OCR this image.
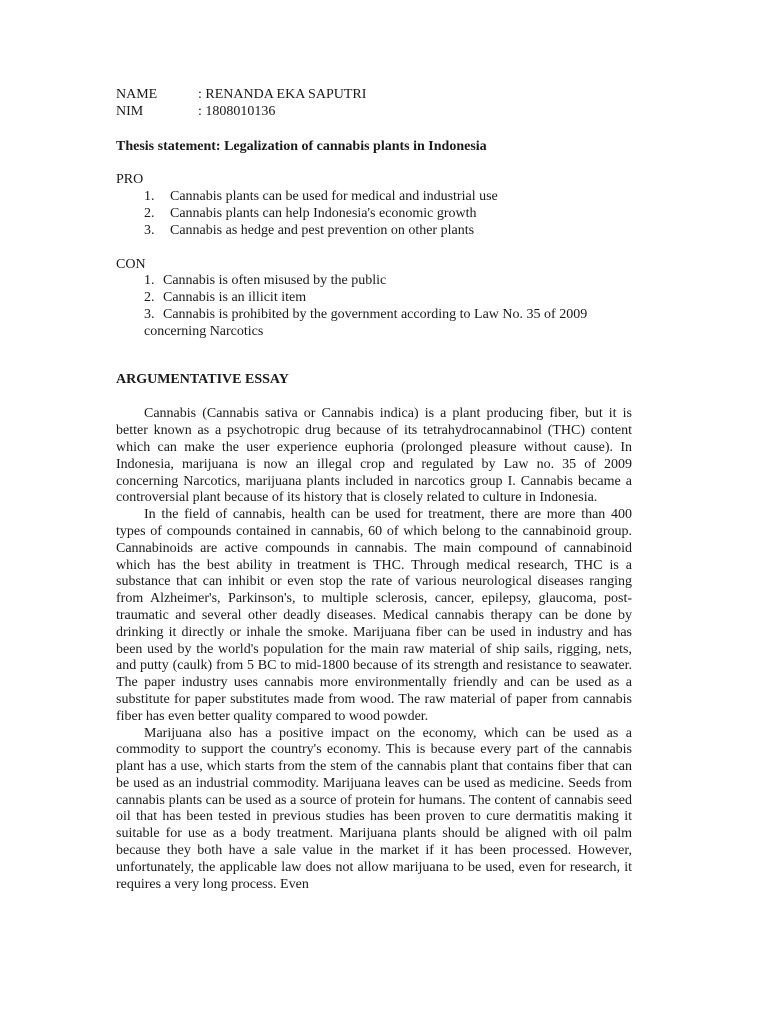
NAME	: RENANDA EKA SAPUTRI
NIM	: 1808010136
Thesis statement: Legalization of cannabis plants in Indonesia
PRO
1.	Cannabis plants can be used for medical and industrial use
2.	Cannabis plants can help Indonesia's economic growth
3.	Cannabis as hedge and pest prevention on other plants
CON
1. Cannabis is often misused by the public
2. Cannabis is an illicit item
3. Cannabis is prohibited by the government according to Law No. 35 of 2009 concerning Narcotics
ARGUMENTATIVE ESSAY

Cannabis (Cannabis sativa or Cannabis indica) is a plant producing fiber, but it is better known as a psychotropic drug because of its tetrahydrocannabinol (THC) content which can make the user experience euphoria (prolonged pleasure without cause). In Indonesia, marijuana is now an illegal crop and regulated by Law no. 35 of 2009 concerning Narcotics, marijuana plants included in narcotics group I. Cannabis became a controversial plant because of its history that is closely related to culture in Indonesia.

In the field of cannabis, health can be used for treatment, there are more than 400 types of compounds contained in cannabis, 60 of which belong to the cannabinoid group. Cannabinoids are active compounds in cannabis. The main compound of cannabinoid which has the best ability in treatment is THC. Through medical research, THC is a substance that can inhibit or even stop the rate of various neurological diseases ranging from Alzheimer's, Parkinson's, to multiple sclerosis, cancer, epilepsy, glaucoma, post-traumatic and several other deadly diseases. Medical cannabis therapy can be done by drinking it directly or inhale the smoke. Marijuana fiber can be used in industry and has been used by the world's population for the main raw material of ship sails, rigging, nets, and putty (caulk) from 5 BC to mid-1800 because of its strength and resistance to seawater. The paper industry uses cannabis more environmentally friendly and can be used as a substitute for paper substitutes made from wood. The raw material of paper from cannabis fiber has even better quality compared to wood powder.

Marijuana also has a positive impact on the economy, which can be used as a commodity to support the country's economy. This is because every part of the cannabis plant has a use, which starts from the stem of the cannabis plant that contains fiber that can be used as an industrial commodity. Marijuana leaves can be used as medicine. Seeds from cannabis plants can be used as a source of protein for humans. The content of cannabis seed oil that has been tested in previous studies has been proven to cure dermatitis making it suitable for use as a body treatment. Marijuana plants should be aligned with oil palm because they both have a sale value in the market if it has been processed. However, unfortunately, the applicable law does not allow marijuana to be used, even for research, it requires a very long process. Even
